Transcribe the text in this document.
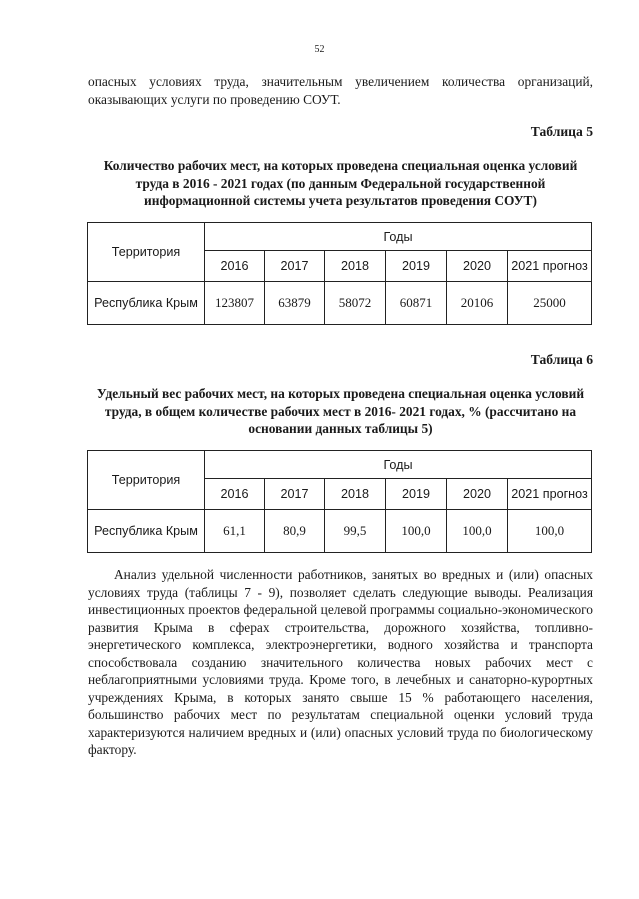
52

опасных условиях труда, значительным увеличением количества организаций, оказывающих услуги по проведению СОУТ.

Таблица 5

Количество рабочих мест, на которых проведена специальная оценка условий труда в 2016 - 2021 годах (по данным Федеральной государственной информационной системы учета результатов проведения СОУТ)

Территория	Годы					
	2016	2017	2018	2019	2020	2021 прогноз
Республика Крым	123807	63879	58072	60871	20106	25000
Таблица 6

Удельный вес рабочих мест, на которых проведена специальная оценка условий труда, в общем количестве рабочих мест в 2016- 2021 годах, % (рассчитано на основании данных таблицы 5)

Территория	Годы					
	2016	2017	2018	2019	2020	2021 прогноз
Республика Крым	61,1	80,9	99,5	100,0	100,0	100,0

Анализ удельной численности работников, занятых во вредных и (или) опасных условиях труда (таблицы 7 - 9), позволяет сделать следующие выводы. Реализация инвестиционных проектов федеральной целевой программы социально-экономического развития Крыма в сферах строительства, дорожного хозяйства, топливно-энергетического комплекса, электроэнергетики, водного хозяйства и транспорта способствовала созданию значительного количества новых рабочих мест с неблагоприятными условиями труда. Кроме того, в лечебных и санаторно-курортных учреждениях Крыма, в которых занято свыше 15 % работающего населения, большинство рабочих мест по результатам специальной оценки условий труда характеризуются наличием вредных и (или) опасных условий труда по биологическому фактору.
